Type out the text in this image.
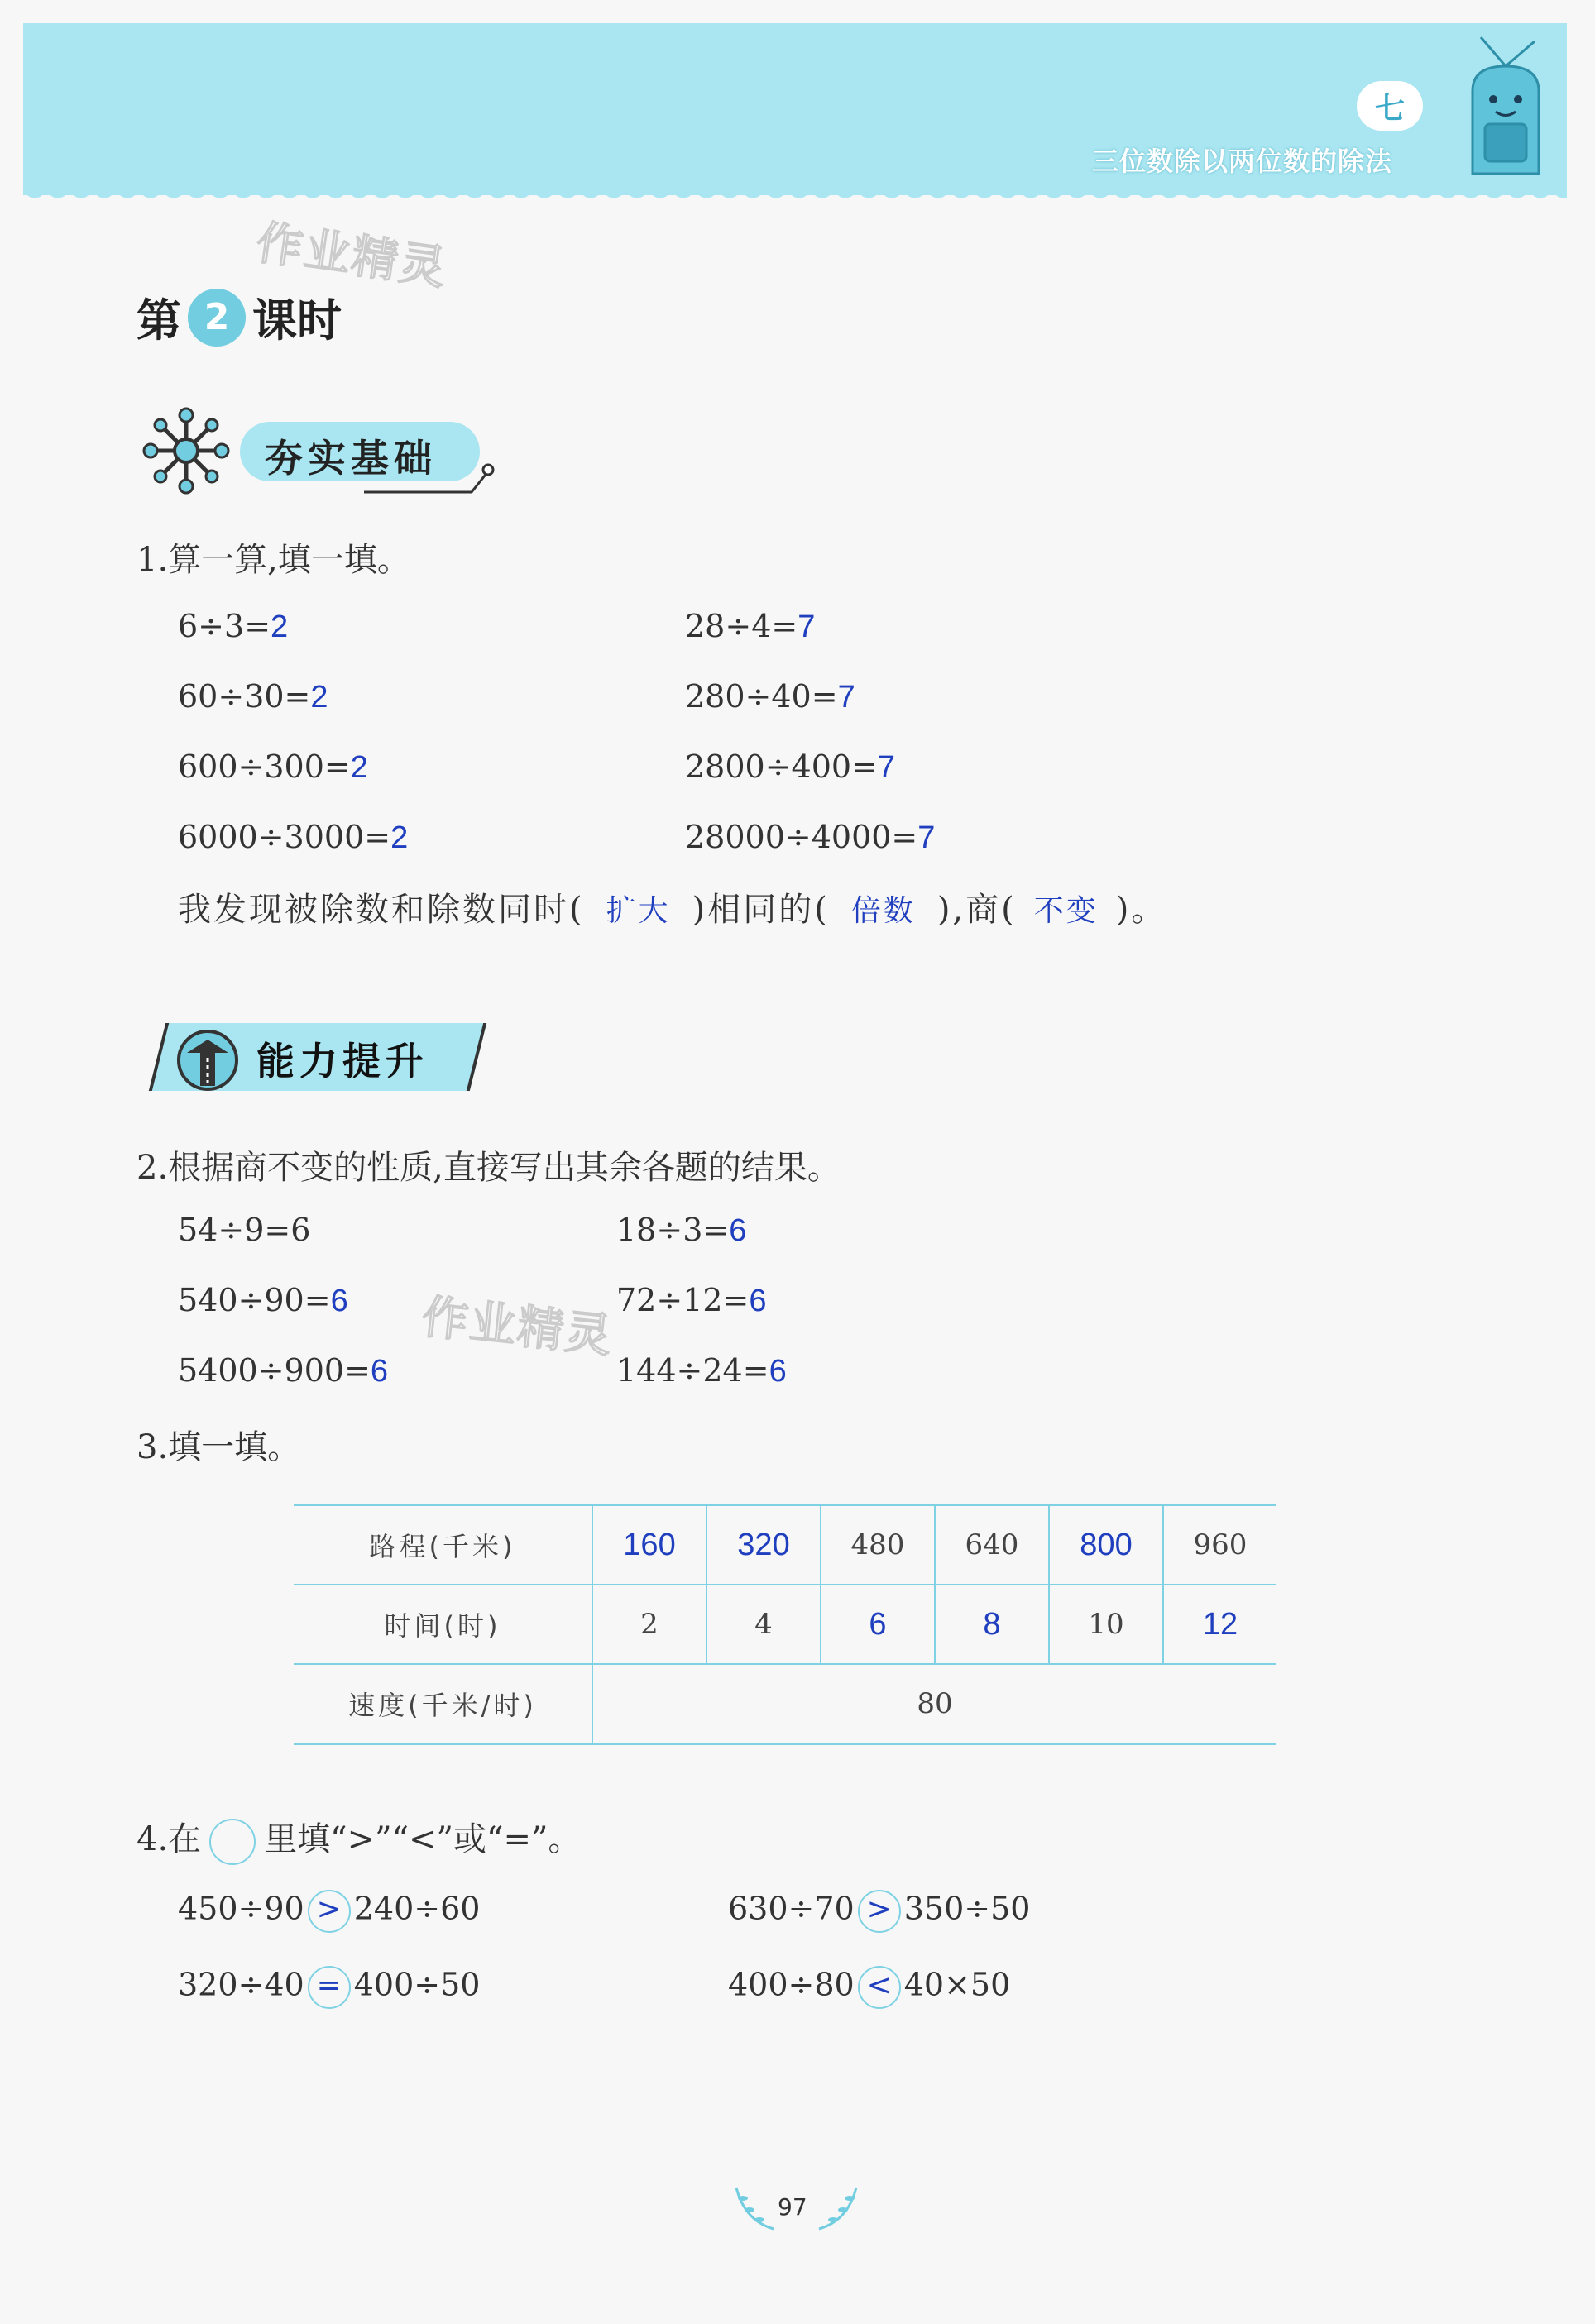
七
三位数除以两位数的除法
作业精灵
作业精灵
第 2 课时
夯实基础
1.算一算,填一填。
6÷3=2
60÷30=2
600÷300=2
6000÷3000=2
28÷4=7
280÷40=7
2800÷400=7
28000÷4000=7
我发现被除数和除数同时( 扩大 )相同的( 倍数 ),商( 不变 )。
能力提升
2.根据商不变的性质,直接写出其余各题的结果。
54÷9=6
540÷90=6
5400÷900=6
18÷3=6
72÷12=6
144÷24=6
3.填一填。
路程(千米)	160	320	480	640	800	960
时间(时)	2	4	6	8	10	12
速度(千米/时)	80					
4.在 里填“>”“<”或“=”。
450÷90 > 240÷60	630÷70 > 350÷50
320÷40 = 400÷50	400÷80 < 40×50
97
